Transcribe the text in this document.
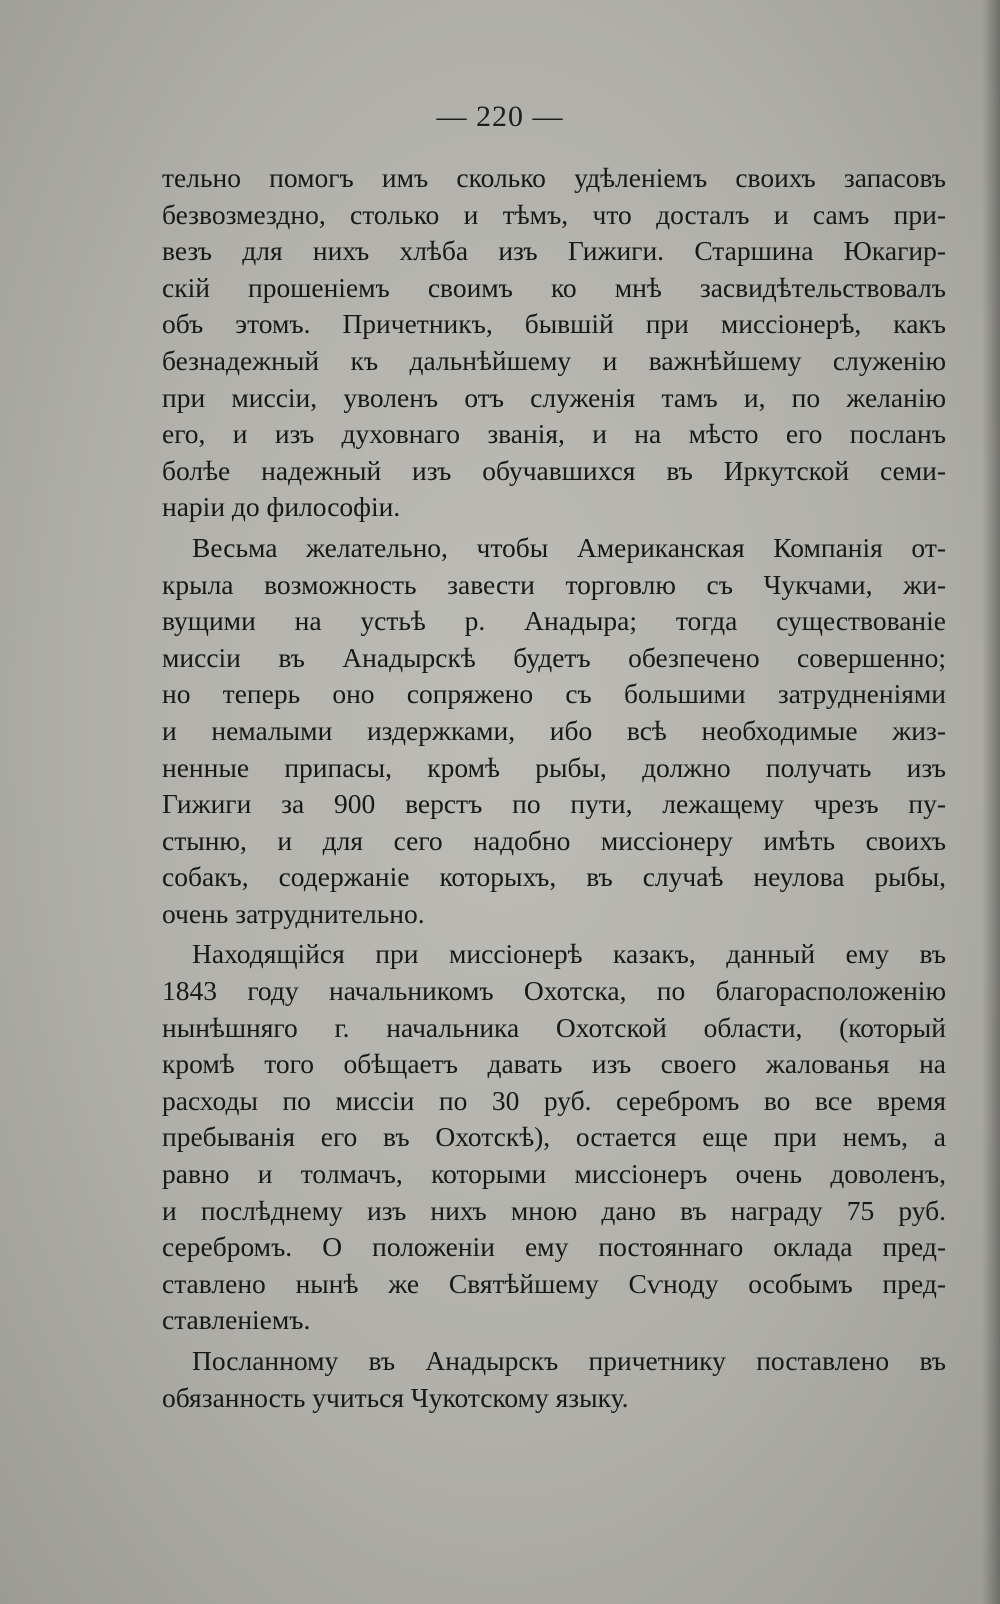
— 220 —
тельно помогъ имъ сколько удѣленіемъ своихъ запасовъ
безвозмездно, столько и тѣмъ, что досталъ и самъ при-
везъ для нихъ хлѣба изъ Гижиги. Старшина Юкагир-
скій прошеніемъ своимъ ко мнѣ засвидѣтельствовалъ
объ этомъ. Причетникъ, бывшій при миссіонерѣ, какъ
безнадежный къ дальнѣйшему и важнѣйшему служенію
при миссіи, уволенъ отъ служенія тамъ и, по желанію
его, и изъ духовнаго званія, и на мѣсто его посланъ
болѣе надежный изъ обучавшихся въ Иркутской семи-
наріи до философіи.
Весьма желательно, чтобы Американская Компанія от-
крыла возможность завести торговлю съ Чукчами, жи-
вущими на устьѣ р. Анадыра; тогда существованіе
миссіи въ Анадырскѣ будетъ обезпечено совершенно;
но теперь оно сопряжено съ большими затрудненіями
и немалыми издержками, ибо всѣ необходимые жиз-
ненные припасы, кромѣ рыбы, должно получать изъ
Гижиги за 900 верстъ по пути, лежащему чрезъ пу-
стыню, и для сего надобно миссіонеру имѣть своихъ
собакъ, содержаніе которыхъ, въ случаѣ неулова рыбы,
очень затруднительно.
Находящійся при миссіонерѣ казакъ, данный ему въ
1843 году начальникомъ Охотска, по благорасположенію
нынѣшняго г. начальника Охотской области, (который
кромѣ того обѣщаетъ давать изъ своего жалованья на
расходы по миссіи по 30 руб. серебромъ во все время
пребыванія его въ Охотскѣ), остается еще при немъ, а
равно и толмачъ, которыми миссіонеръ очень доволенъ,
и послѣднему изъ нихъ мною дано въ награду 75 руб.
серебромъ. О положеніи ему постояннаго оклада пред-
ставлено нынѣ же Святѣйшему Сѵноду особымъ пред-
ставленіемъ.
Посланному въ Анадырскъ причетнику поставлено въ
обязанность учиться Чукотскому языку.
